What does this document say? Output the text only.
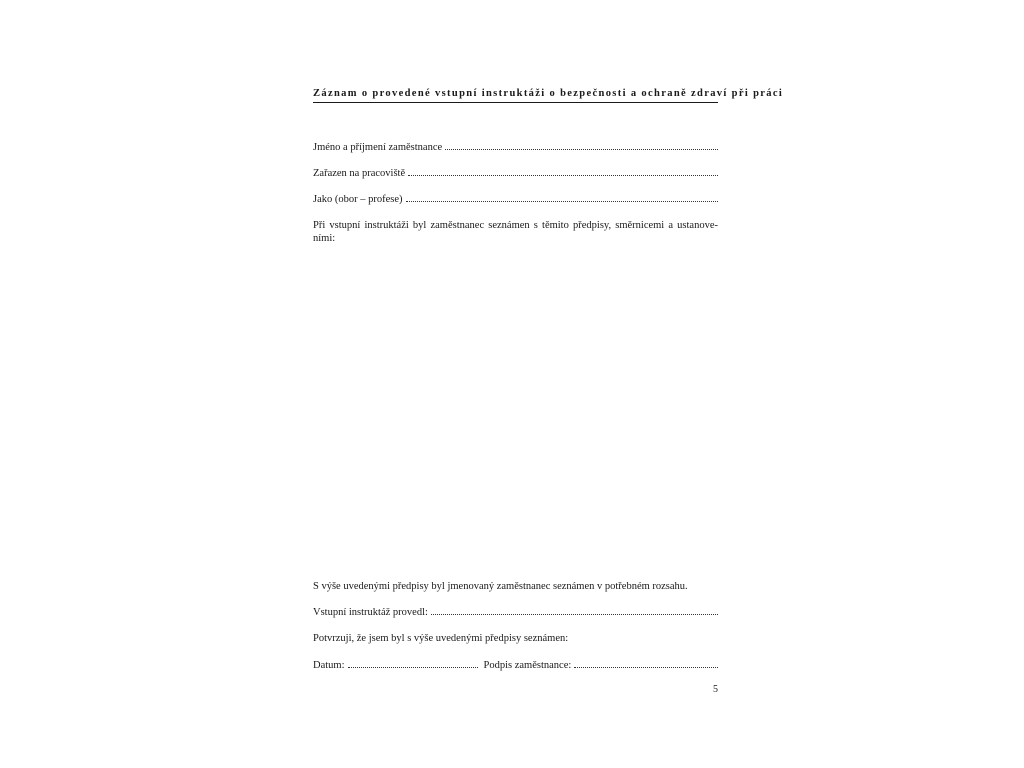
Záznam o provedené vstupní instruktáži o bezpečnosti a ochraně zdraví při práci
Jméno a příjmení zaměstnance
Zařazen na pracoviště
Jako (obor – profese)
Při vstupní instruktáži byl zaměstnanec seznámen s těmito předpisy, směrnicemi a ustanove-ními:
S výše uvedenými předpisy byl jmenovaný zaměstnanec seznámen v potřebném rozsahu.
Vstupní instruktáž provedl:
Potvrzuji, že jsem byl s výše uvedenými předpisy seznámen:
Datum:	Podpis zaměstnance:
5
